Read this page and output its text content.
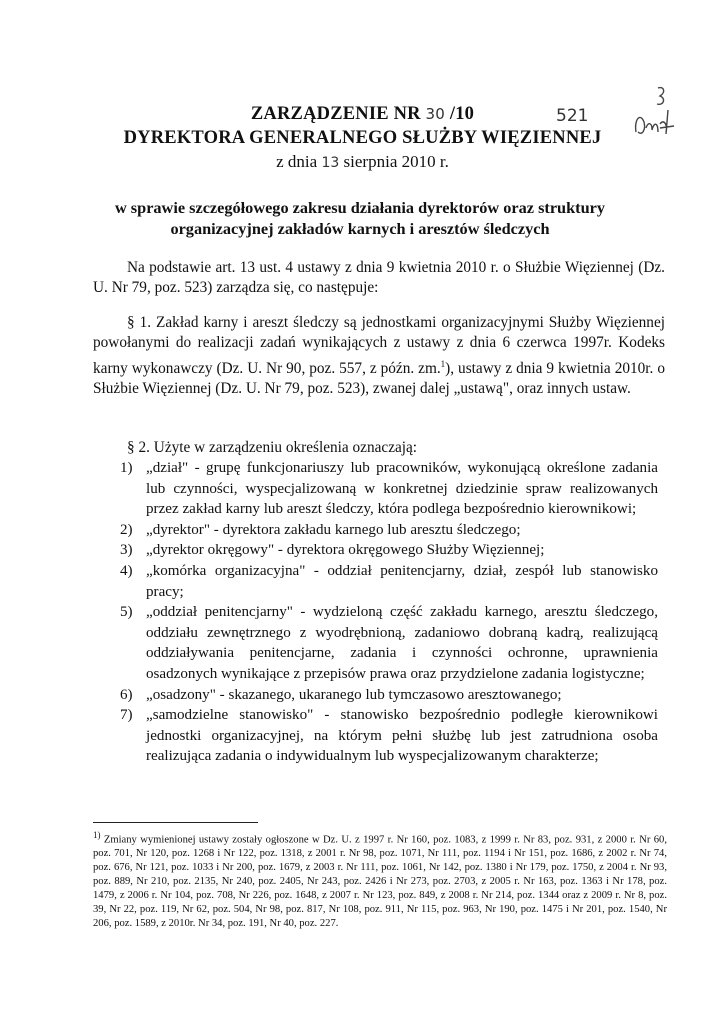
521
ZARZĄDZENIE NR 30 /10
DYREKTORA GENERALNEGO SŁUŻBY WIĘZIENNEJ
z dnia 13 sierpnia 2010 r.
w sprawie szczegółowego zakresu działania dyrektorów oraz struktury
organizacyjnej zakładów karnych i aresztów śledczych

Na podstawie art. 13 ust. 4 ustawy z dnia 9 kwietnia 2010 r. o Służbie Więziennej (Dz. U. Nr 79, poz. 523) zarządza się, co następuje:

§ 1. Zakład karny i areszt śledczy są jednostkami organizacyjnymi Służby Więziennej powołanymi do realizacji zadań wynikających z ustawy z dnia 6 czerwca 1997r. Kodeks karny wykonawczy (Dz. U. Nr 90, poz. 557, z późn. zm.$^1$), ustawy z dnia 9 kwietnia 2010r. o Służbie Więziennej (Dz. U. Nr 79, poz. 523), zwanej dalej „ustawą", oraz innych ustaw.

§ 2. Użyte w zarządzeniu określenia oznaczają:

1) „dział" - grupę funkcjonariuszy lub pracowników, wykonującą określone zadania lub czynności, wyspecjalizowaną w konkretnej dziedzinie spraw realizowanych przez zakład karny lub areszt śledczy, która podlega bezpośrednio kierownikowi;
2) „dyrektor" - dyrektora zakładu karnego lub aresztu śledczego;
3) „dyrektor okręgowy" - dyrektora okręgowego Służby Więziennej;
4) „komórka organizacyjna" - oddział penitencjarny, dział, zespół lub stanowisko pracy;
5) „oddział penitencjarny" - wydzieloną część zakładu karnego, aresztu śledczego, oddziału zewnętrznego z wyodrębnioną, zadaniowo dobraną kadrą, realizującą oddziaływania penitencjarne, zadania i czynności ochronne, uprawnienia osadzonych wynikające z przepisów prawa oraz przydzielone zadania logistyczne;
6) „osadzony" - skazanego, ukaranego lub tymczasowo aresztowanego;
7) „samodzielne stanowisko" - stanowisko bezpośrednio podległe kierownikowi jednostki organizacyjnej, na którym pełni służbę lub jest zatrudniona osoba realizująca zadania o indywidualnym lub wyspecjalizowanym charakterze;
$^{1)}$ Zmiany wymienionej ustawy zostały ogłoszone w Dz. U. z 1997 r. Nr 160, poz. 1083, z 1999 r. Nr 83, poz. 931, z 2000 r. Nr 60, poz. 701, Nr 120, poz. 1268 i Nr 122, poz. 1318, z 2001 r. Nr 98, poz. 1071, Nr 111, poz. 1194 i Nr 151, poz. 1686, z 2002 r. Nr 74, poz. 676, Nr 121, poz. 1033 i Nr 200, poz. 1679, z 2003 r. Nr 111, poz. 1061, Nr 142, poz. 1380 i Nr 179, poz. 1750, z 2004 r. Nr 93, poz. 889, Nr 210, poz. 2135, Nr 240, poz. 2405, Nr 243, poz. 2426 i Nr 273, poz. 2703, z 2005 r. Nr 163, poz. 1363 i Nr 178, poz. 1479, z 2006 r. Nr 104, poz. 708, Nr 226, poz. 1648, z 2007 r. Nr 123, poz. 849, z 2008 r. Nr 214, poz. 1344 oraz z 2009 r. Nr 8, poz. 39, Nr 22, poz. 119, Nr 62, poz. 504, Nr 98, poz. 817, Nr 108, poz. 911, Nr 115, poz. 963, Nr 190, poz. 1475 i Nr 201, poz. 1540, Nr 206, poz. 1589, z 2010r. Nr 34, poz. 191, Nr 40, poz. 227.
